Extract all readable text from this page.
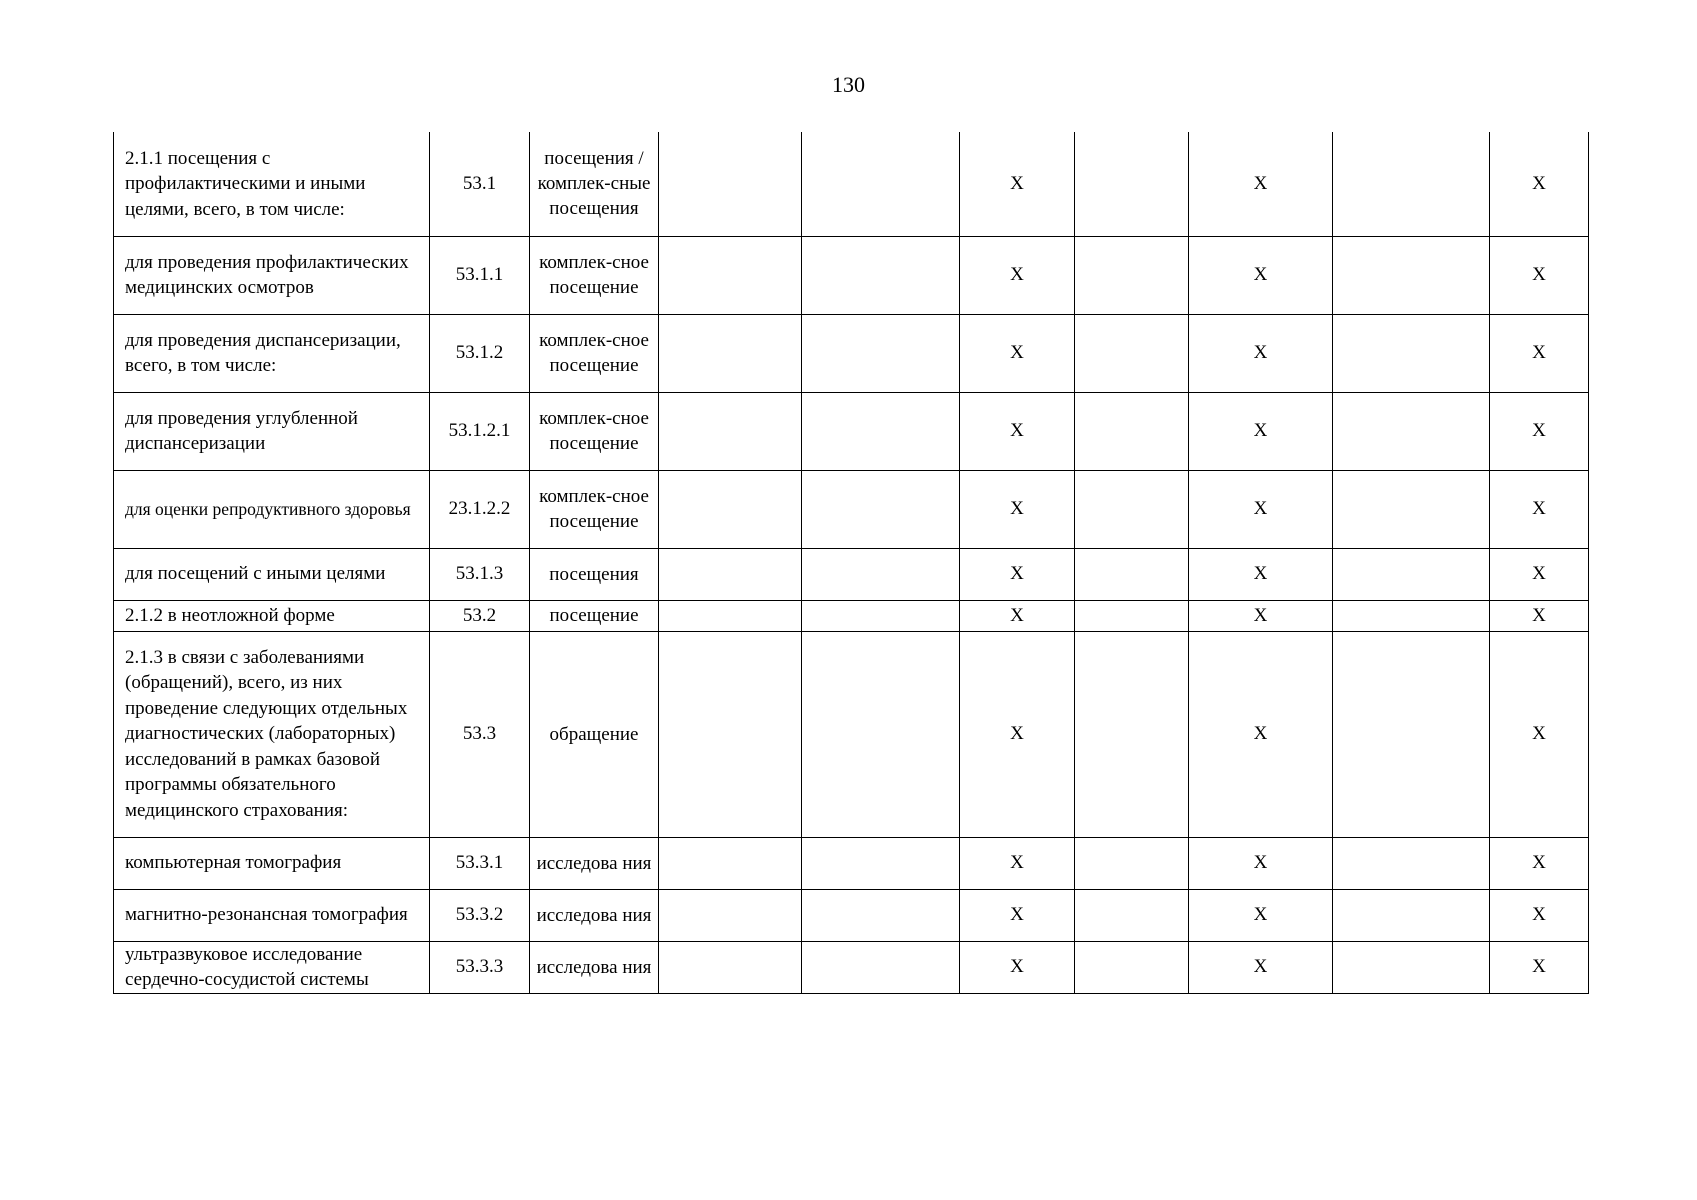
130
2.1.1 посещения с профилактическими и иными целями, всего, в том числе:	53.1	посещения /комплек-сные посещения			X		X		X
для проведения профилактических медицинских осмотров	53.1.1	комплек-сное посещение			X		X		X
для проведения диспансеризации, всего, в том числе:	53.1.2	комплек-сное посещение			X		X		X
для проведения углубленной диспансеризации	53.1.2.1	комплек-сное посещение			X		X		X
для оценки репродуктивного здоровья	23.1.2.2	комплек-сное посещение			X		X		X
для посещений с иными целями	53.1.3	посещения			X		X		X
2.1.2 в неотложной форме	53.2	посещение			X		X		X
2.1.3 в связи с заболеваниями (обращений), всего, из них проведение следующих отдельных диагностических (лабораторных) исследований в рамках базовой программы обязательного медицинского страхования:	53.3	обращение			X		X		X
компьютерная томография	53.3.1	исследова ния			X		X		X
магнитно-резонансная томография	53.3.2	исследова ния			X		X		X
ультразвуковое исследование сердечно-сосудистой системы	53.3.3	исследова ния			X		X		X
